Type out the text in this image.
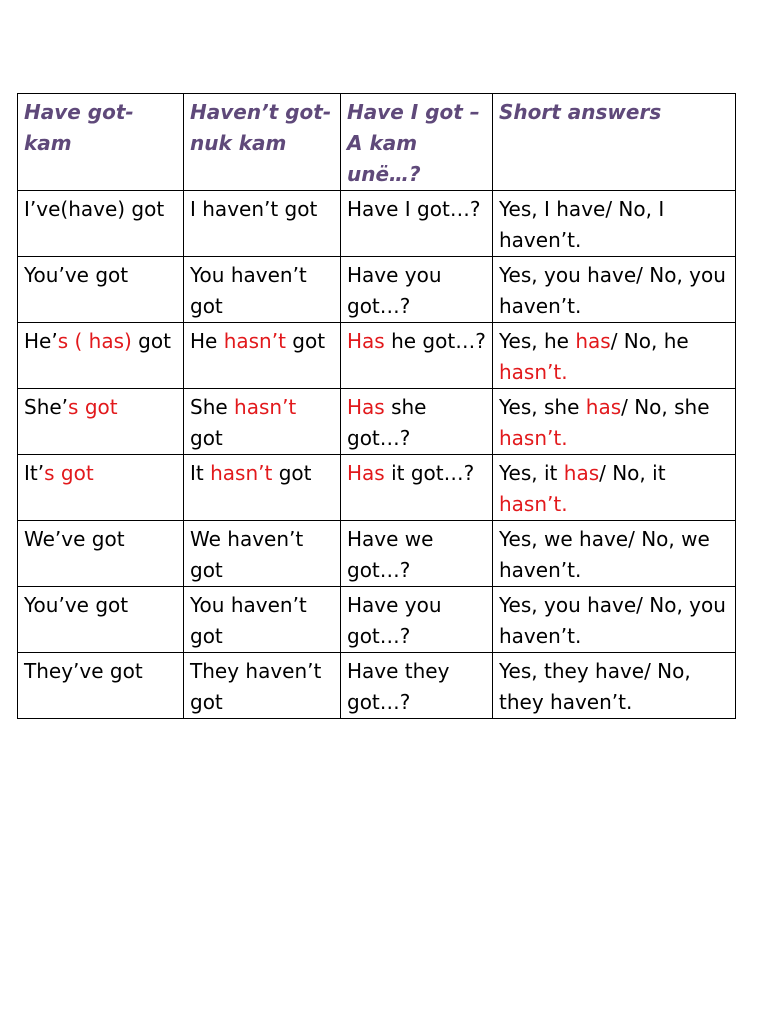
Have got-kam	Haven’t got-nuk kam	Have I got – A kam unë…?	Short answers
I’ve(have) got	I haven’t got	Have I got…?	Yes, I have/ No, I haven’t.
You’ve got	You haven’t got	Have you got…?	Yes, you have/ No, you haven’t.
He’s ( has) got	He hasn’t got	Has he got…?	Yes, he has/ No, he hasn’t.
She’s got	She hasn’t got	Has she got…?	Yes, she has/ No, she hasn’t.
It’s got	It hasn’t got	Has it got…?	Yes, it has/ No, it hasn’t.
We’ve got	We haven’t got	Have we got…?	Yes, we have/ No, we haven’t.
You’ve got	You haven’t got	Have you got…?	Yes, you have/ No, you haven’t.
They’ve got	They haven’t got	Have they got…?	Yes, they have/ No, they haven’t.
